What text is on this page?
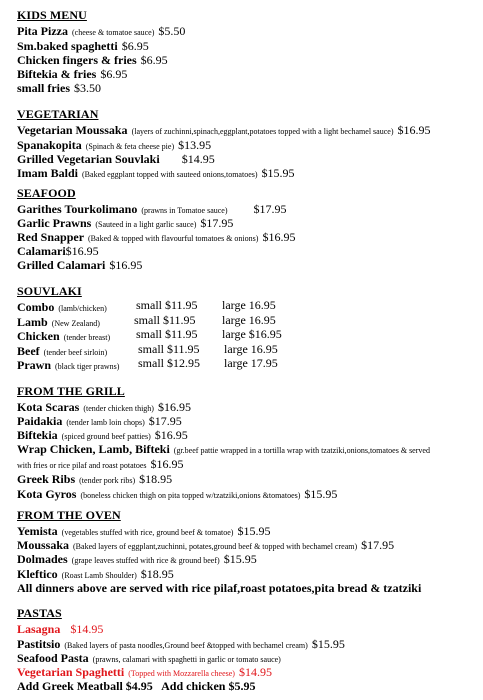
KIDS MENU
Pita Pizza (cheese & tomatoe sauce) $5.50
Sm.baked spaghetti $6.95
Chicken fingers & fries $6.95
Biftekia & fries $6.95
small fries $3.50
VEGETARIAN
Vegetarian Moussaka (layers of zuchinni,spinach,eggplant,potatoes topped with a light bechamel sauce) $16.95
Spanakopita (Spinach & feta cheese pie) $13.95
Grilled Vegetarian Souvlaki $14.95
Imam Baldi (Baked eggplant topped with sauteed onions,tomatoes) $15.95
SEAFOOD
Garithes Tourkolimano (prawns in Tomatoe sauce) $17.95
Garlic Prawns (Sauteed in a light garlic sauce) $17.95
Red Snapper (Baked & topped with flavourful tomatoes & onions) $16.95
Calamari$16.95
Grilled Calamari $16.95
SOUVLAKI
Combo (lamb/chicken) small $11.95 large 16.95
Lamb (New Zealand)	small $11.95 large 16.95
Chicken (tender breast) small $11.95 large $16.95
Beef (tender beef sirloin)	small $11.95 large 16.95
Prawn (black tiger prawns) small $12.95 large 17.95
FROM THE GRILL
Kota Scaras (tender chicken thigh) $16.95
Paidakia (tender lamb loin chops) $17.95
Biftekia (spiced ground beef patties) $16.95
Wrap Chicken, Lamb, Bifteki (gr.beef pattie wrapped in a tortilla wrap with tzatziki,onions,tomatoes & served
with fries or rice pilaf and roast potatoes $16.95
Greek Ribs (tender pork ribs) $18.95
Kota Gyros (boneless chicken thigh on pita topped w/tzatziki,onions &tomatoes) $15.95
FROM THE OVEN
Yemista (vegetables stuffed with rice, ground beef & tomatoe) $15.95
Moussaka (Baked layers of eggplant,zuchinni, potates,ground beef & topped with bechamel cream) $17.95
Dolmades (grape leaves stuffed with rice & ground beef) $15.95
Kleftico (Roast Lamb Shoulder) $18.95
All dinners above are served with rice pilaf,roast potatoes,pita bread & tzatziki
PASTAS
Lasagna $14.95
Pastitsio (Baked layers of pasta noodles,Ground beef &topped with bechamel cream) $15.95
Seafood Pasta (prawns, calamari with spaghetti in garlic or tomato sauce)
Vegetarian Spaghetti (Topped with Mozzarella cheese) $14.95
Add Greek Meatball $4.95   Add chicken $5.95
